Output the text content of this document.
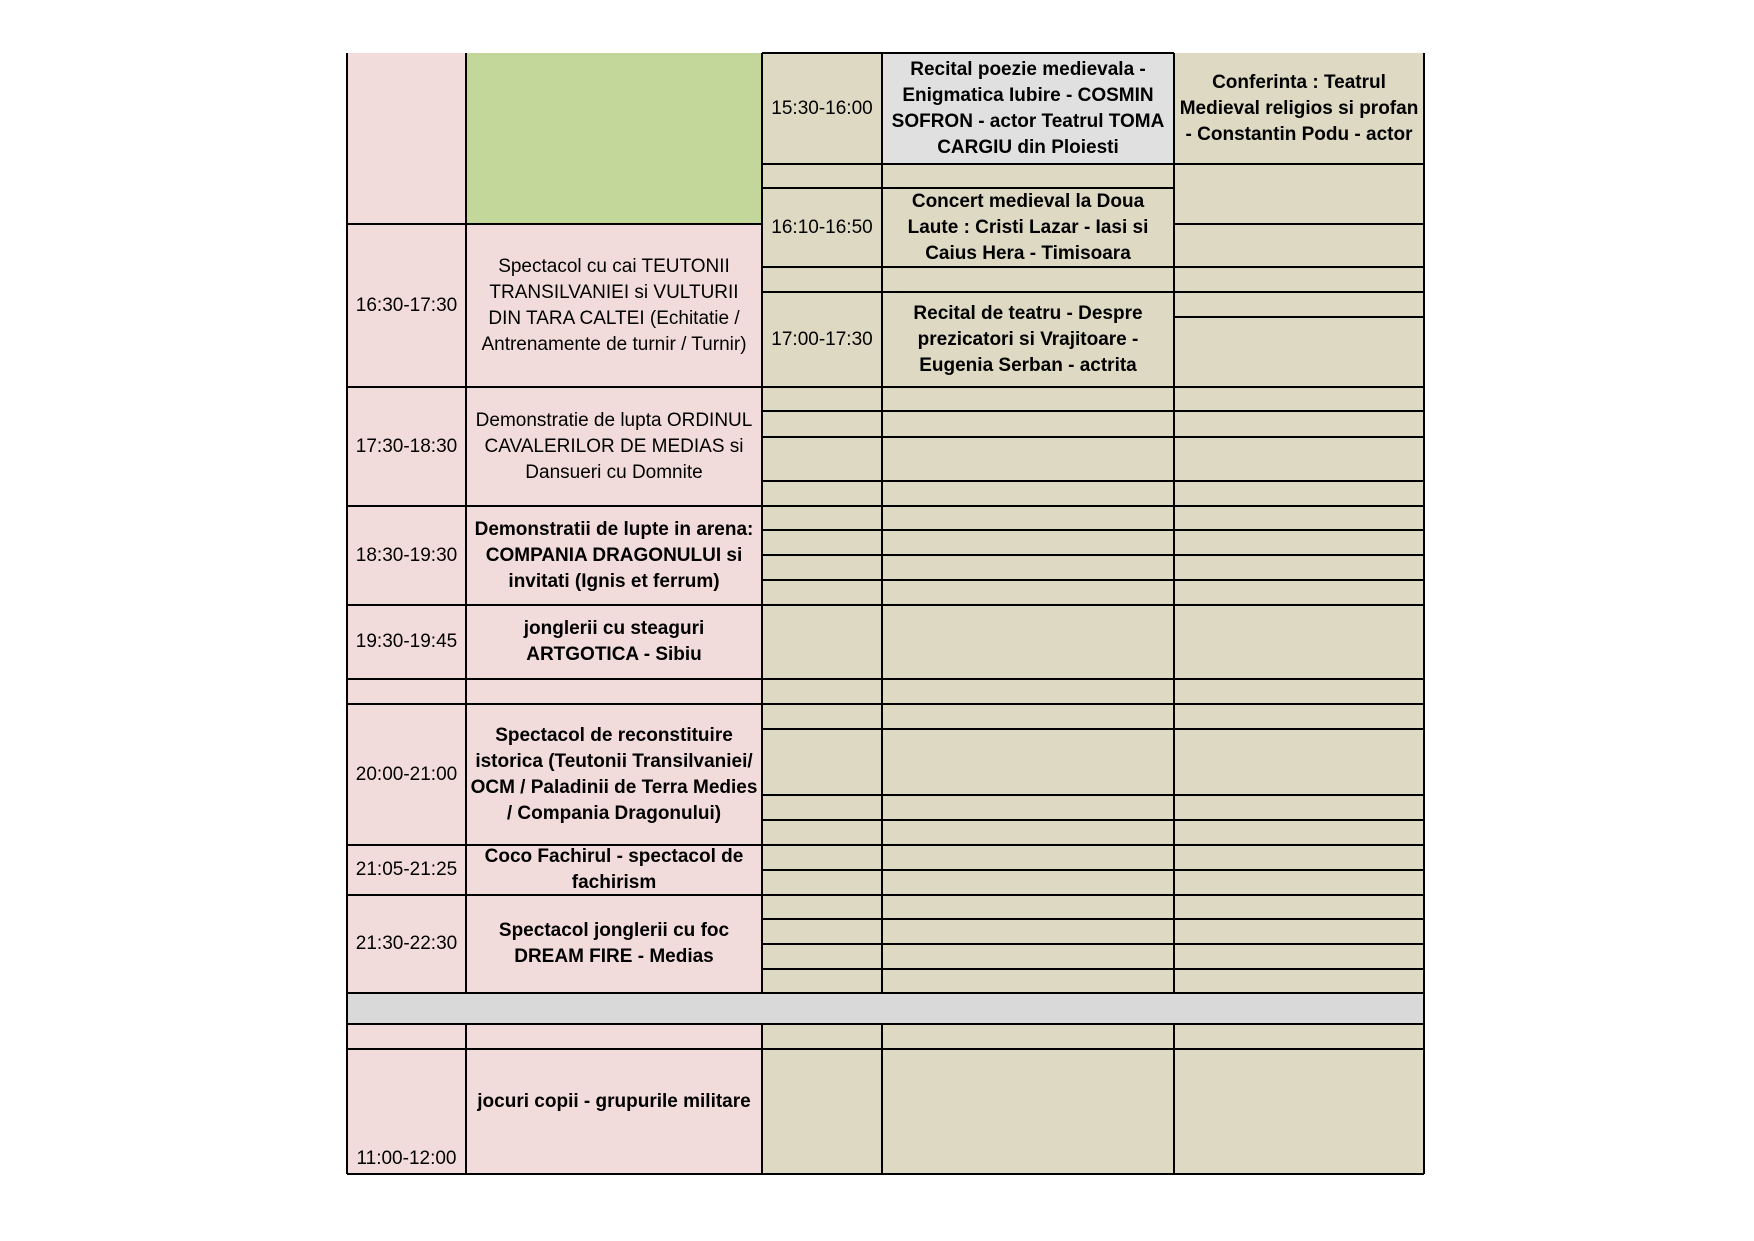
16:30-17:30
17:30-18:30
18:30-19:30
19:30-19:45
20:00-21:00
21:05-21:25
21:30-22:30
11:00-12:00
Spectacol cu cai TEUTONII TRANSILVANIEI si VULTURII DIN TARA CALTEI (Echitatie / Antrenamente de turnir / Turnir)
Demonstratie de lupta ORDINUL CAVALERILOR DE MEDIAS si Dansueri cu Domnite
Demonstratii de lupte in arena: COMPANIA DRAGONULUI si invitati (Ignis et ferrum)
jonglerii cu steaguri ARTGOTICA - Sibiu
Spectacol de reconstituire istorica (Teutonii Transilvaniei/ OCM / Paladinii de Terra Medies / Compania Dragonului)
Coco Fachirul - spectacol de fachirism
Spectacol jonglerii cu foc DREAM FIRE - Medias
jocuri copii - grupurile militare
15:30-16:00
16:10-16:50
17:00-17:30
Recital poezie medievala - Enigmatica Iubire - COSMIN SOFRON - actor Teatrul TOMA CARGIU din Ploiesti
Concert medieval la Doua Laute : Cristi Lazar - Iasi si Caius Hera - Timisoara
Recital de teatru - Despre prezicatori si Vrajitoare - Eugenia Serban - actrita
Conferinta : Teatrul Medieval religios si profan - Constantin Podu - actor
